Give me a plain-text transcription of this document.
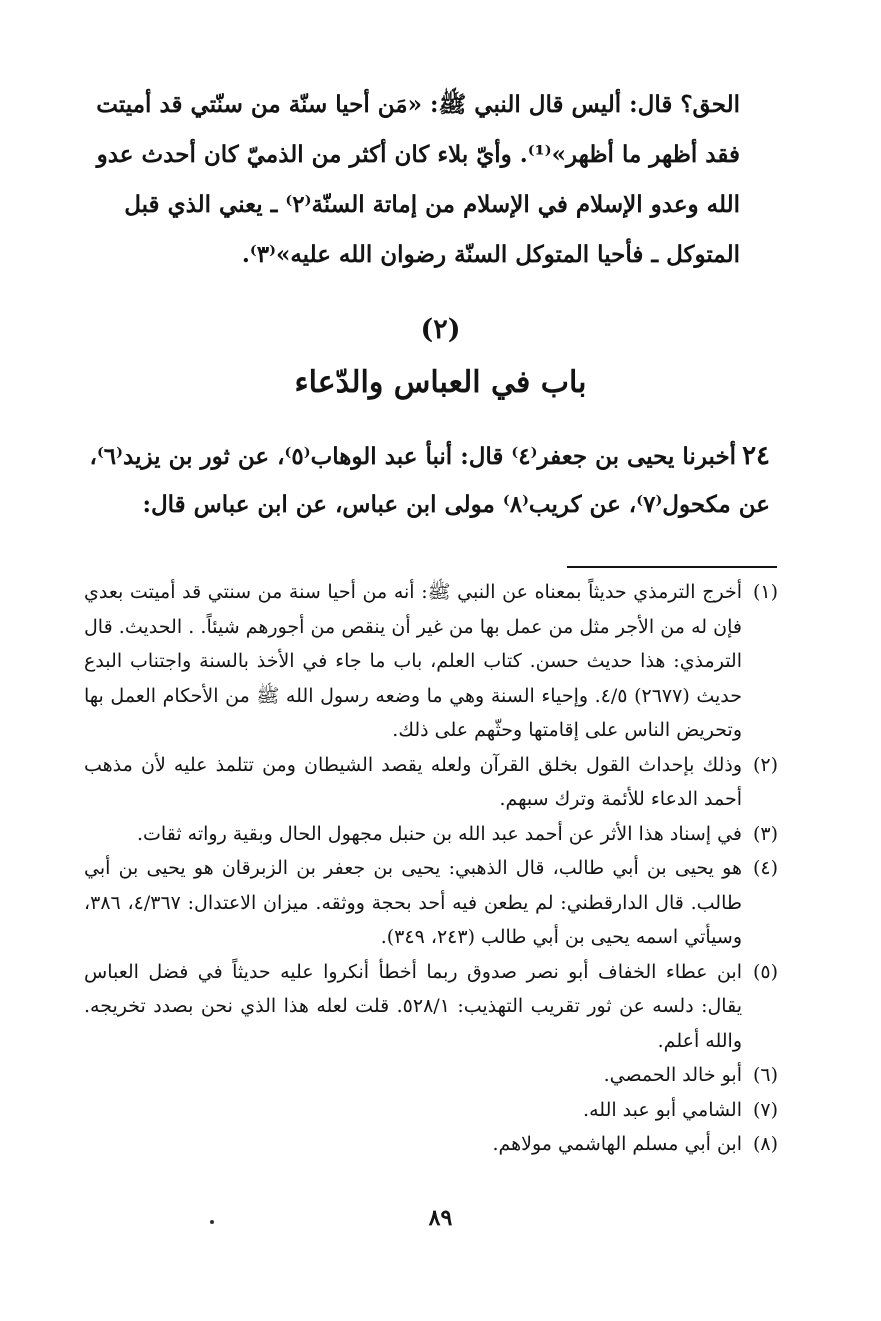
الحق؟ قال: أليس قال النبي ﷺ: «مَن أحيا سنّة من سنّتي قد أميتت

فقد أظهر ما أظهر»⁽¹⁾. وأيّ بلاء كان أكثر من الذميّ كان أحدث عدو

الله وعدو الإسلام في الإسلام من إماتة السنّة⁽٢⁾ ـ يعني الذي قبل

المتوكل ـ فأحيا المتوكل السنّة رضوان الله عليه»⁽٣⁾.

(٢)
باب في العباس والدّعاء

٢٤أخبرنا يحيى بن جعفر⁽٤⁾ قال: أنبأ عبد الوهاب⁽٥⁾، عن ثور بن يزيد⁽٦⁾،

عن مكحول⁽٧⁾، عن كريب⁽٨⁾ مولى ابن عباس، عن ابن عباس قال:

(١)
أخرج الترمذي حديثاً بمعناه عن النبي ﷺ: أنه من أحيا سنة من سنتي قد أميتت بعدي فإن له من الأجر مثل من عمل بها من غير أن ينقص من أجورهم شيئاً. . الحديث. قال الترمذي: هذا حديث حسن. كتاب العلم، باب ما جاء في الأخذ بالسنة واجتناب البدع حديث (٢٦٧٧) ٤/٥. وإحياء السنة وهي ما وضعه رسول الله ﷺ من الأحكام العمل بها وتحريض الناس على إقامتها وحثّهم على ذلك.
(٢)
وذلك بإحداث القول بخلق القرآن ولعله يقصد الشيطان ومن تتلمذ عليه لأن مذهب أحمد الدعاء للأئمة وترك سبهم.
(٣)
في إسناد هذا الأثر عن أحمد عبد الله بن حنبل مجهول الحال وبقية رواته ثقات.
(٤)
هو يحيى بن أبي طالب، قال الذهبي: يحيى بن جعفر بن الزبرقان هو يحيى بن أبي طالب. قال الدارقطني: لم يطعن فيه أحد بحجة ووثقه. ميزان الاعتدال: ٤/٣٦٧، ٣٨٦، وسيأتي اسمه يحيى بن أبي طالب (٢٤٣، ٣٤٩).
(٥)
ابن عطاء الخفاف أبو نصر صدوق ربما أخطأ أنكروا عليه حديثاً في فضل العباس يقال: دلسه عن ثور تقريب التهذيب: ٥٢٨/١. قلت لعله هذا الذي نحن بصدد تخريجه. والله أعلم.
(٦)
أبو خالد الحمصي.
(٧)
الشامي أبو عبد الله.
(٨)
ابن أبي مسلم الهاشمي مولاهم.
٨٩
